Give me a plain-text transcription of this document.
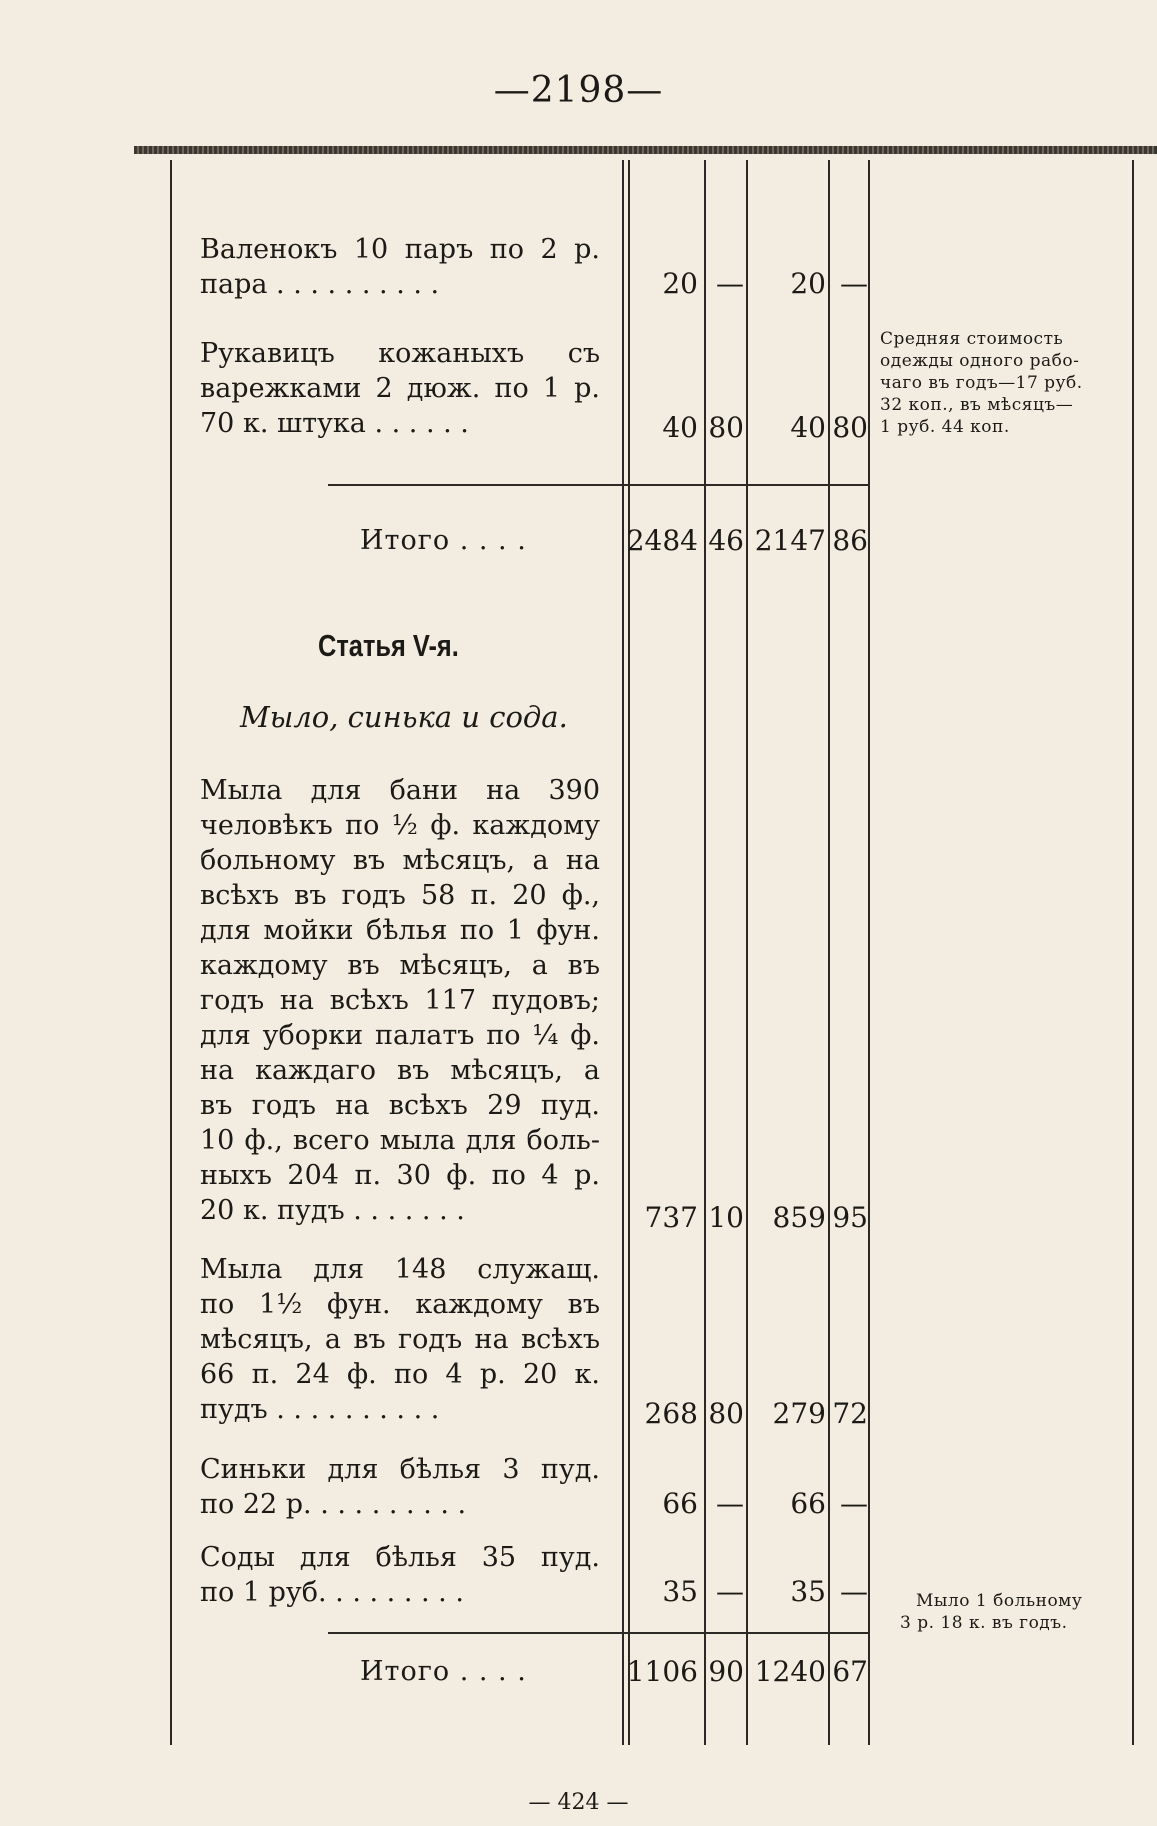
—2198—

Валенокъ 10 паръ по 2 р.

пара . . . . . . . . . .	20 —	20 —

Рукавицъ кожаныхъ съ

варежками 2 дюж. по 1 р.

70 к. штука . . . . . .	40 80	40 80
Средняя стоимость
одежды одного рабо-
чаго въ годъ—17 руб.
32 коп., въ мѣсяцъ—
1 руб. 44 коп.
Итого . . . .	2484 46 2147 86
Статья V-я.
Мыло, синька и сода.

Мыла для бани на 390

человѣкъ по ½ ф. каждому

больному въ мѣсяцъ, а на

всѣхъ въ годъ 58 п. 20 ф.,

для мойки бѣлья по 1 фун.

каждому въ мѣсяцъ, а въ

годъ на всѣхъ 117 пудовъ;

для уборки палатъ по ¼ ф.

на каждаго въ мѣсяцъ, а

въ годъ на всѣхъ 29 пуд.

10 ф., всего мыла для боль-

ныхъ 204 п. 30 ф. по 4 р.

20 к. пудъ . . . . . . .	737 10	859 95

Мыла для 148 служащ.

по 1½ фун. каждому въ

мѣсяцъ, а въ годъ на всѣхъ

66 п. 24 ф. по 4 р. 20 к.

пудъ . . . . . . . . . .	268 80	279 72

Синьки для бѣлья 3 пуд.

по 22 р. . . . . . . . . .	66 —	66 —

Соды для бѣлья 35 пуд.

по 1 руб. . . . . . . . .	35 —	35 —	Мыло 1 больному
3 р. 18 к. въ годъ.
Итого . . . .	1106 90 1240 67
— 424 —
